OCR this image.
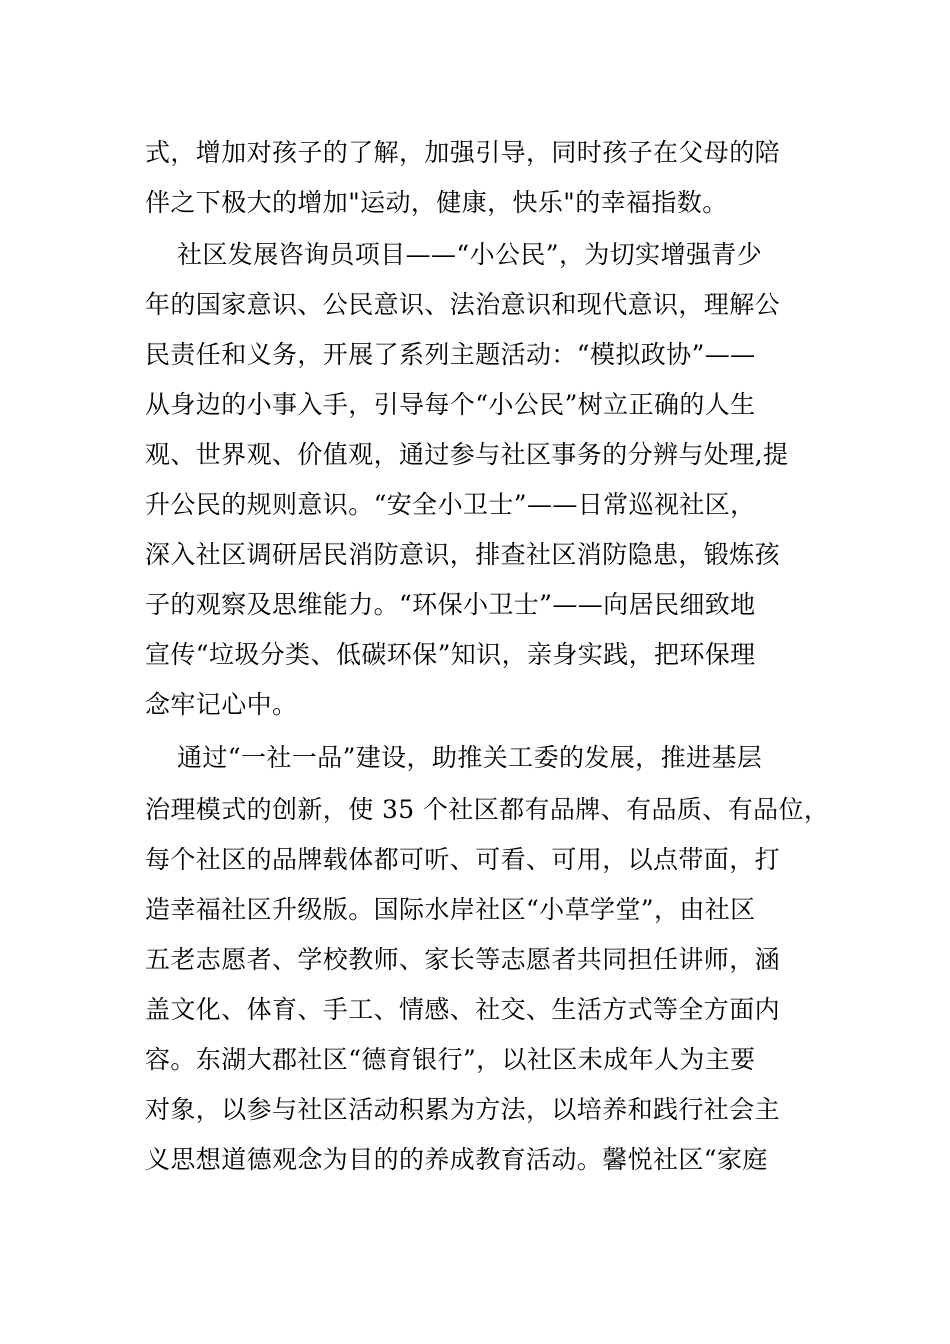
式，增加对孩子的了解，加强引导，同时孩子在父母的陪
伴之下极大的增加"运动，健康，快乐"的幸福指数。
社区发展咨询员项目——“小公民”，为切实增强青少
年的国家意识、公民意识、法治意识和现代意识，理解公
民责任和义务，开展了系列主题活动：“模拟政协”——
从身边的小事入手，引导每个“小公民”树立正确的人生
观、世界观、价值观，通过参与社区事务的分辨与处理,提
升公民的规则意识。“安全小卫士”——日常巡视社区，
深入社区调研居民消防意识，排查社区消防隐患，锻炼孩
子的观察及思维能力。“环保小卫士”——向居民细致地
宣传“垃圾分类、低碳环保”知识，亲身实践，把环保理
念牢记心中。
通过“一社一品”建设，助推关工委的发展，推进基层
治理模式的创新，使 35 个社区都有品牌、有品质、有品位，
每个社区的品牌载体都可听、可看、可用，以点带面，打
造幸福社区升级版。国际水岸社区“小草学堂”，由社区
五老志愿者、学校教师、家长等志愿者共同担任讲师，涵
盖文化、体育、手工、情感、社交、生活方式等全方面内
容。东湖大郡社区“德育银行”，以社区未成年人为主要
对象，以参与社区活动积累为方法，以培养和践行社会主
义思想道德观念为目的的养成教育活动。馨悦社区“家庭
